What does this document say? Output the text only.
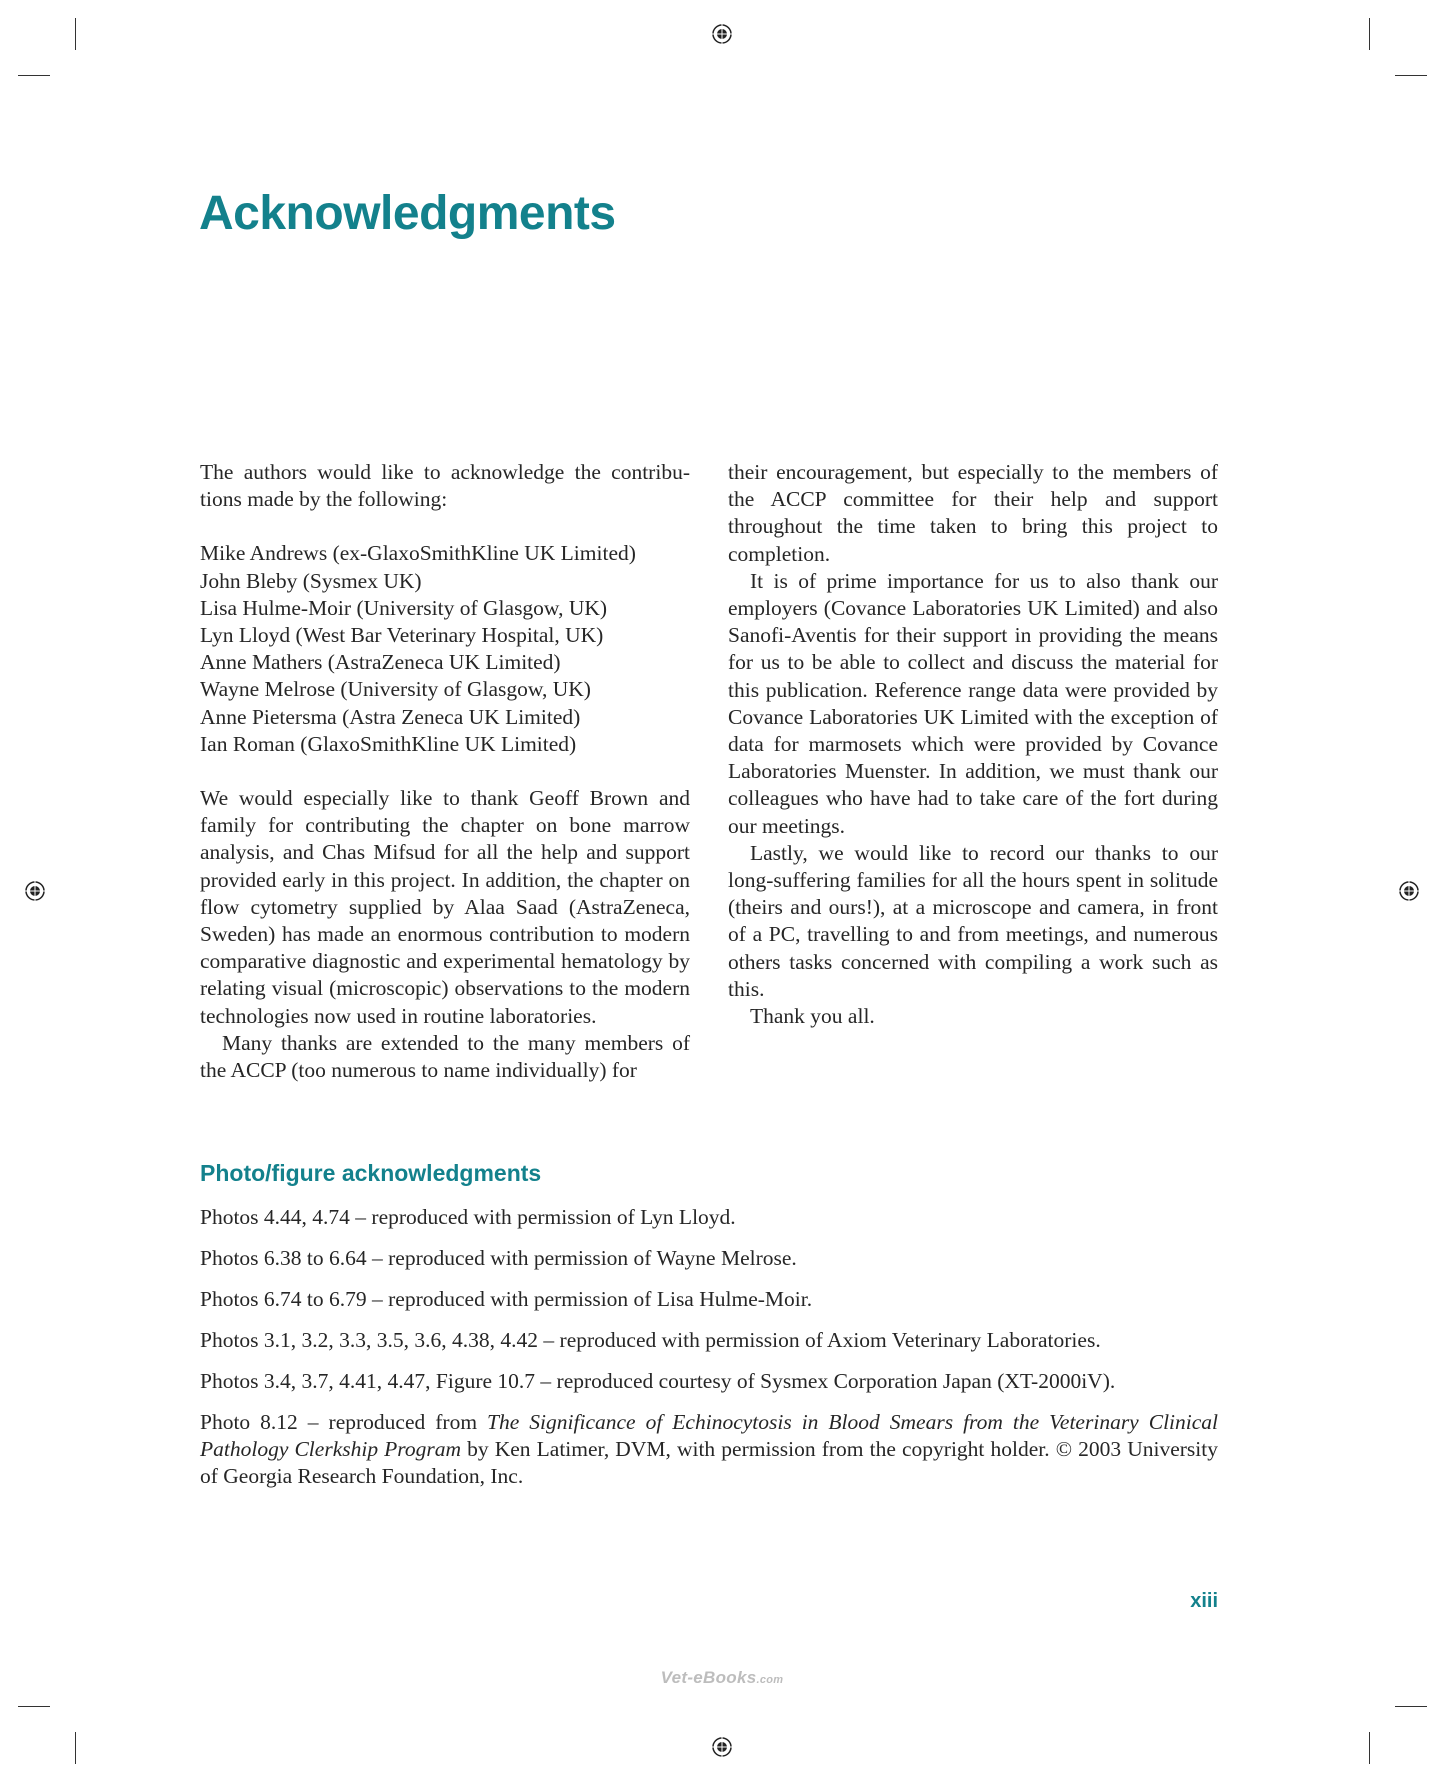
Acknowledgments

The authors would like to acknowledge the contributions made by the following:

Mike Andrews (ex-GlaxoSmithKline UK Limited)
John Bleby (Sysmex UK)
Lisa Hulme-Moir (University of Glasgow, UK)
Lyn Lloyd (West Bar Veterinary Hospital, UK)
Anne Mathers (AstraZeneca UK Limited)
Wayne Melrose (University of Glasgow, UK)
Anne Pietersma (Astra Zeneca UK Limited)
Ian Roman (GlaxoSmithKline UK Limited)

We would especially like to thank Geoff Brown and family for contributing the chapter on bone marrow analysis, and Chas Mifsud for all the help and support provided early in this project. In addition, the chapter on flow cytometry supplied by Alaa Saad (AstraZeneca, Sweden) has made an enormous contribution to modern comparative diagnostic and experimental hematology by relating visual (microscopic) observations to the modern technologies now used in routine laboratories.

Many thanks are extended to the many members of the ACCP (too numerous to name individually) for

their encouragement, but especially to the members of the ACCP committee for their help and support throughout the time taken to bring this project to completion.

It is of prime importance for us to also thank our employers (Covance Laboratories UK Limited) and also Sanofi-Aventis for their support in providing the means for us to be able to collect and discuss the material for this publication. Reference range data were provided by Covance Laboratories UK Limited with the exception of data for marmosets which were provided by Covance Laboratories Muenster. In addition, we must thank our colleagues who have had to take care of the fort during our meetings.

Lastly, we would like to record our thanks to our long-suffering families for all the hours spent in solitude (theirs and ours!), at a microscope and camera, in front of a PC, travelling to and from meetings, and numerous others tasks concerned with compiling a work such as this.

Thank you all.

Photo/figure acknowledgments

Photos 4.44, 4.74 – reproduced with permission of Lyn Lloyd.

Photos 6.38 to 6.64 – reproduced with permission of Wayne Melrose.

Photos 6.74 to 6.79 – reproduced with permission of Lisa Hulme-Moir.

Photos 3.1, 3.2, 3.3, 3.5, 3.6, 4.38, 4.42 – reproduced with permission of Axiom Veterinary Laboratories.

Photos 3.4, 3.7, 4.41, 4.47, Figure 10.7 – reproduced courtesy of Sysmex Corporation Japan (XT-2000iV).

Photo 8.12 – reproduced from The Significance of Echinocytosis in Blood Smears from the Veterinary Clinical Pathology Clerkship Program by Ken Latimer, DVM, with permission from the copyright holder. © 2003 University of Georgia Research Foundation, Inc.

xiii
Vet-eBooks.com
